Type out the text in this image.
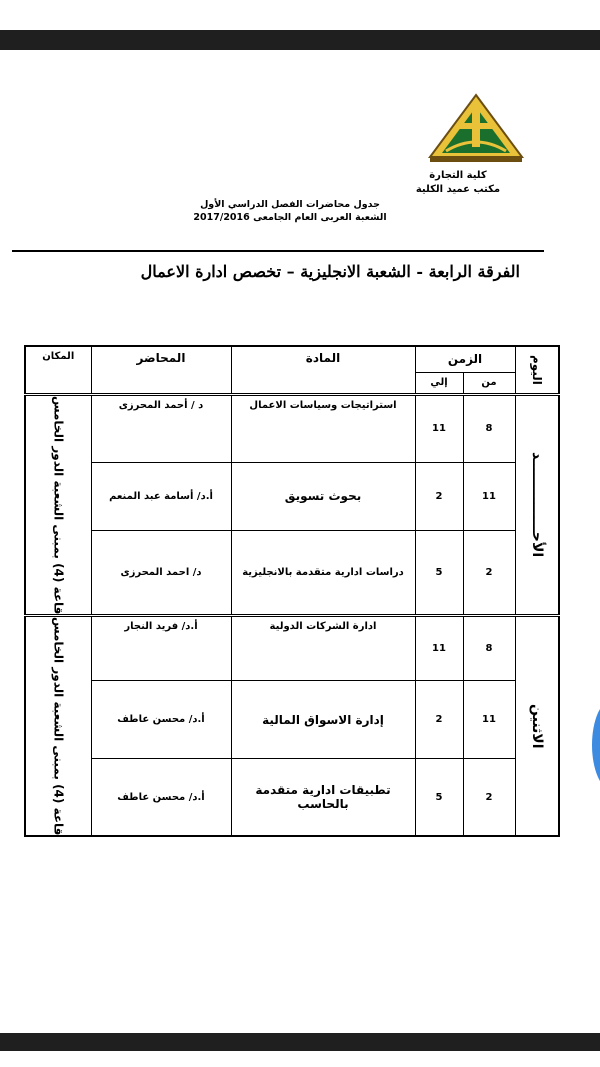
كلية التجارة
مكتب عميد الكلية
جدول محاضرات الفصل الدراسي الأول
الشعبة العربى العام الجامعى 2017/2016
الفرقة الرابعة - الشعبة الانجليزية – تخصص ادارة الاعمال
اليوم	الزمن		المادة	المحاضر	المكان
	من	إلي			
الأحـــــــــــــــد	8	11	استراتيجات وسياسات الاعمال	د / أحمد المحرزى	قاعة (4) بمبنى الشعبة الدور الخامس
	11	2	بحوث تسويق	أ.د/ أسامة عبد المنعم	
	2	5	دراسات ادارية متقدمة بالانجليزية	د/ احمد المحرزى	
الاثنين	8	11	ادارة الشركات الدولية	أ.د/ فريد النجار	قاعة (4) بمبنى الشعبة الدور الخامس
	11	2	إدارة الاسواق المالية	أ.د/ محسن عاطف	
	2	5	تطبيقات ادارية متقدمة بالحاسب	أ.د/ محسن عاطف	
